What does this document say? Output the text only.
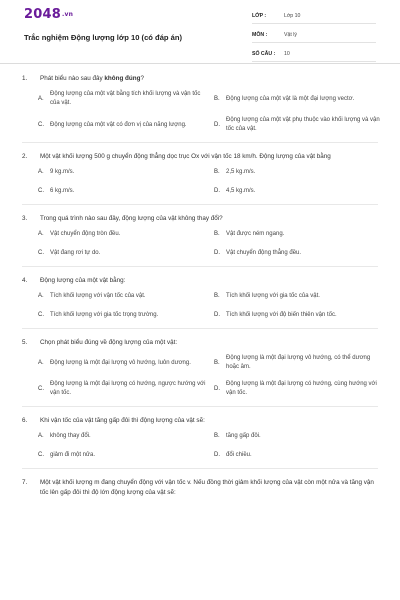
2048.vn
Trắc nghiệm Động lượng lớp 10 (có đáp án)
LỚP :	Lớp 10
MÔN :	Vật lý
SỐ CÂU :	10
1.	Phát biểu nào sau đây không đúng?
A.
Động lượng của một vật bằng tích khối lượng và vận tốc của vật.
B.	Động lượng của một vật là một đại lượng vectơ.
C.	Động lượng của một vật có đơn vị của năng lượng.	D.
Động lượng của một vật phụ thuộc vào khối lượng và vận tốc của vật.
2.	Một vật khối lượng 500 g chuyển động thẳng dọc trục Ox với vận tốc 18 km/h. Động lượng của vật bằng
A.	9 kg.m/s.	B.	2,5 kg.m/s.
C.	6 kg.m/s.	D.	4,5 kg.m/s.
3.	Trong quá trình nào sau đây, động lượng của vật không thay đổi?
A.	Vật chuyển động tròn đều.	B.	Vật được ném ngang.
C.	Vật đang rơi tự do.	D.	Vật chuyển động thẳng đều.
4.	Động lượng của một vật bằng:
A.	Tích khối lượng với vận tốc của vật.	B.	Tích khối lượng với gia tốc của vật.
C.	Tích khối lượng với gia tốc trọng trường.	D.	Tích khối lượng với độ biến thiên vận tốc.
5.	Chọn phát biểu đúng về động lượng của một vật:
A.	Động lượng là một đại lượng vô hướng, luôn dương.	B.
Động lượng là một đại lượng vô hướng, có thể dương hoặc âm.
C.
Động lượng là một đại lượng có hướng, ngược hướng với vận tốc.
D.
Động lượng là một đại lượng có hướng, cùng hướng với vận tốc.
6.	Khi vận tốc của vật tăng gấp đôi thì động lượng của vật sẽ:
A.	không thay đổi.	B.	tăng gấp đôi.
C.	giảm đi một nửa.	D.	đổi chiều.
7.	Một vật khối lượng m đang chuyển động với vận tốc v. Nếu đồng thời giảm khối lượng của vật còn một nửa và tăng vận tốc lên gấp đôi thì độ lớn động lượng của vật sẽ:
